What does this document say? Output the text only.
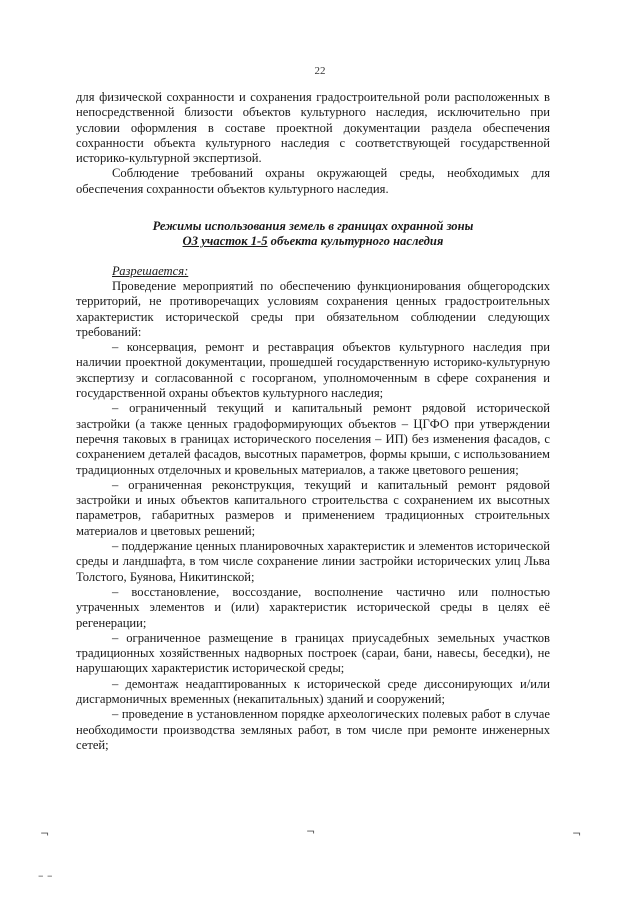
22

для физической сохранности и сохранения градостроительной роли расположенных в непосредственной близости объектов культурного наследия, исключительно при условии оформления в составе проектной документации раздела обеспечения сохранности объекта культурного наследия с соответствующей государственной историко-культурной экспертизой.

Соблюдение требований охраны окружающей среды, необходимых для обеспечения сохранности объектов культурного наследия.

Режимы использования земель в границах охранной зоны

ОЗ участок 1-5 объекта культурного наследия

Разрешается:

Проведение мероприятий по обеспечению функционирования общегородских территорий, не противоречащих условиям сохранения ценных градостроительных характеристик исторической среды при обязательном соблюдении следующих требований:

– консервация, ремонт и реставрация объектов культурного наследия при наличии проектной документации, прошедшей государственную историко-культурную экспертизу и согласованной с госорганом, уполномоченным в сфере сохранения и государственной охраны объектов культурного наследия;

– ограниченный текущий и капитальный ремонт рядовой исторической застройки (а также ценных градоформирующих объектов – ЦГФО при утверждении перечня таковых в границах исторического поселения – ИП) без изменения фасадов, с сохранением деталей фасадов, высотных параметров, формы крыши, с использованием традиционных отделочных и кровельных материалов, а также цветового решения;

– ограниченная реконструкция, текущий и капитальный ремонт рядовой застройки и иных объектов капитального строительства с сохранением их высотных параметров, габаритных размеров и применением традиционных строительных материалов и цветовых решений;

– поддержание ценных планировочных характеристик и элементов исторической среды и ландшафта, в том числе сохранение линии застройки исторических улиц Льва Толстого, Буянова, Никитинской;

– восстановление, воссоздание, восполнение частично или полностью утраченных элементов и (или) характеристик исторической среды в целях её регенерации;

– ограниченное размещение в границах приусадебных земельных участков традиционных хозяйственных надворных построек (сараи, бани, навесы, беседки), не нарушающих характеристик исторической среды;

– демонтаж неадаптированных к исторической среде диссонирующих и/или дисгармоничных временных (некапитальных) зданий и сооружений;

– проведение в установленном порядке археологических полевых работ в случае необходимости производства земляных работ, в том числе при ремонте инженерных сетей;

¬	¬	¬
– –
